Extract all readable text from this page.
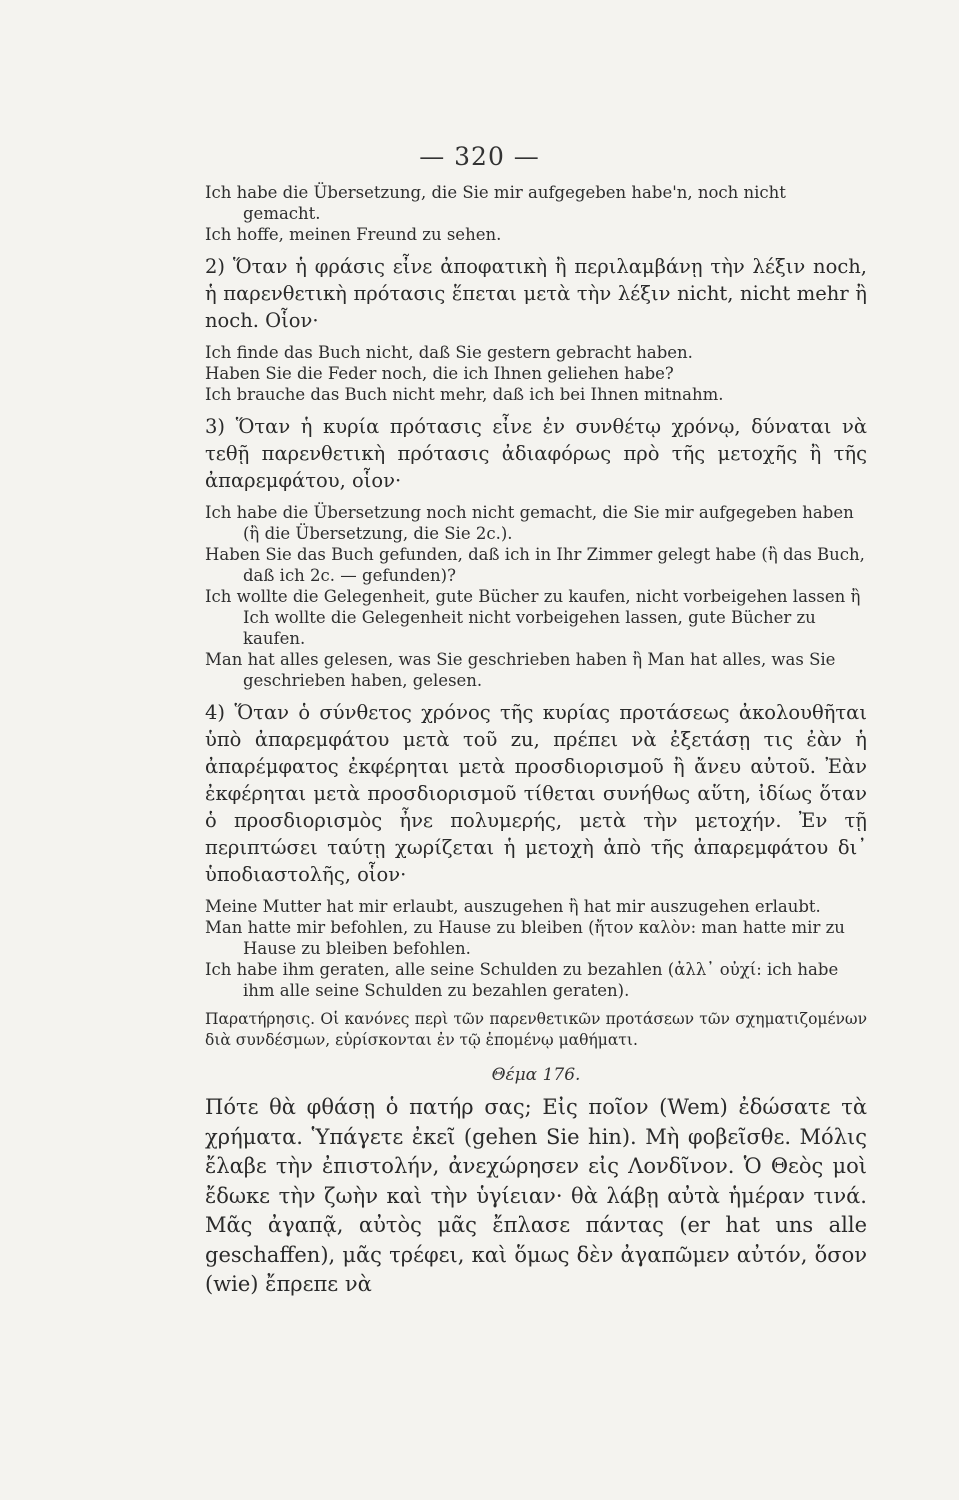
— 320 —

Ich habe die Übersetzung, die Sie mir aufgegeben habe'n, noch nicht gemacht.

Ich hoffe, meinen Freund zu sehen.

2) Ὅταν ἡ φράσις εἶνε ἀποφατικὴ ἢ περιλαμβάνῃ τὴν λέξιν noch, ἡ παρενθετικὴ πρότασις ἕπεται μετὰ τὴν λέξιν nicht, nicht mehr ἢ noch. Οἷον·

Ich finde das Buch nicht, daß Sie gestern gebracht haben.

Haben Sie die Feder noch, die ich Ihnen geliehen habe?

Ich brauche das Buch nicht mehr, daß ich bei Ihnen mitnahm.

3) Ὅταν ἡ κυρία πρότασις εἶνε ἐν συνθέτῳ χρόνῳ, δύναται νὰ τεθῇ παρενθετικὴ πρότασις ἀδιαφόρως πρὸ τῆς μετοχῆς ἢ τῆς ἀπαρεμφάτου, οἷον·

Ich habe die Übersetzung noch nicht gemacht, die Sie mir aufgegeben haben (ἢ die Übersetzung, die Sie 2c.).

Haben Sie das Buch gefunden, daß ich in Ihr Zimmer gelegt habe (ἢ das Buch, daß ich 2c. — gefunden)?

Ich wollte die Gelegenheit, gute Bücher zu kaufen, nicht vorbeigehen lassen ἢ Ich wollte die Gelegenheit nicht vorbeigehen lassen, gute Bücher zu kaufen.

Man hat alles gelesen, was Sie geschrieben haben ἢ Man hat alles, was Sie geschrieben haben, gelesen.

4) Ὅταν ὁ σύνθετος χρόνος τῆς κυρίας προτάσεως ἀκολουθῆται ὑπὸ ἀπαρεμφάτου μετὰ τοῦ zu, πρέπει νὰ ἐξετάσῃ τις ἐὰν ἡ ἀπαρέμφατος ἐκφέρηται μετὰ προσδιορισμοῦ ἢ ἄνευ αὐτοῦ. Ἐὰν ἐκφέρηται μετὰ προσδιορισμοῦ τίθεται συνήθως αὕτη, ἰδίως ὅταν ὁ προσδιορισμὸς ἦνε πολυμερής, μετὰ τὴν μετοχήν. Ἐν τῇ περιπτώσει ταύτῃ χωρίζεται ἡ μετοχὴ ἀπὸ τῆς ἀπαρεμφάτου δι᾽ ὑποδιαστολῆς, οἷον·

Meine Mutter hat mir erlaubt, auszugehen ἢ hat mir auszugehen erlaubt.

Man hatte mir befohlen, zu Hause zu bleiben (ἤτον καλὸν: man hatte mir zu Hause zu bleiben befohlen.

Ich habe ihm geraten, alle seine Schulden zu bezahlen (ἀλλ᾽ οὐχί: ich habe ihm alle seine Schulden zu bezahlen geraten).

Παρατήρησις. Οἱ κανόνες περὶ τῶν παρενθετικῶν προτάσεων τῶν σχηματιζομένων διὰ συνδέσμων, εὑρίσκονται ἐν τῷ ἑπομένῳ μαθήματι.

Θέμα 176.

Πότε θὰ φθάσῃ ὁ πατήρ σας; Εἰς ποῖον (Wem) ἐδώσατε τὰ χρήματα. Ὑπάγετε ἐκεῖ (gehen Sie hin). Μὴ φοβεῖσθε. Μόλις ἔλαβε τὴν ἐπιστολήν, ἀνεχώρησεν εἰς Λονδῖνον. Ὁ Θεὸς μοὶ ἔδωκε τὴν ζωὴν καὶ τὴν ὑγίειαν· θὰ λάβῃ αὐτὰ ἡμέραν τινά. Μᾶς ἀγαπᾷ, αὐτὸς μᾶς ἔπλασε πάντας (er hat uns alle geschaffen), μᾶς τρέφει, καὶ ὅμως δὲν ἀγαπῶμεν αὐτόν, ὅσον (wie) ἔπρεπε νὰ
